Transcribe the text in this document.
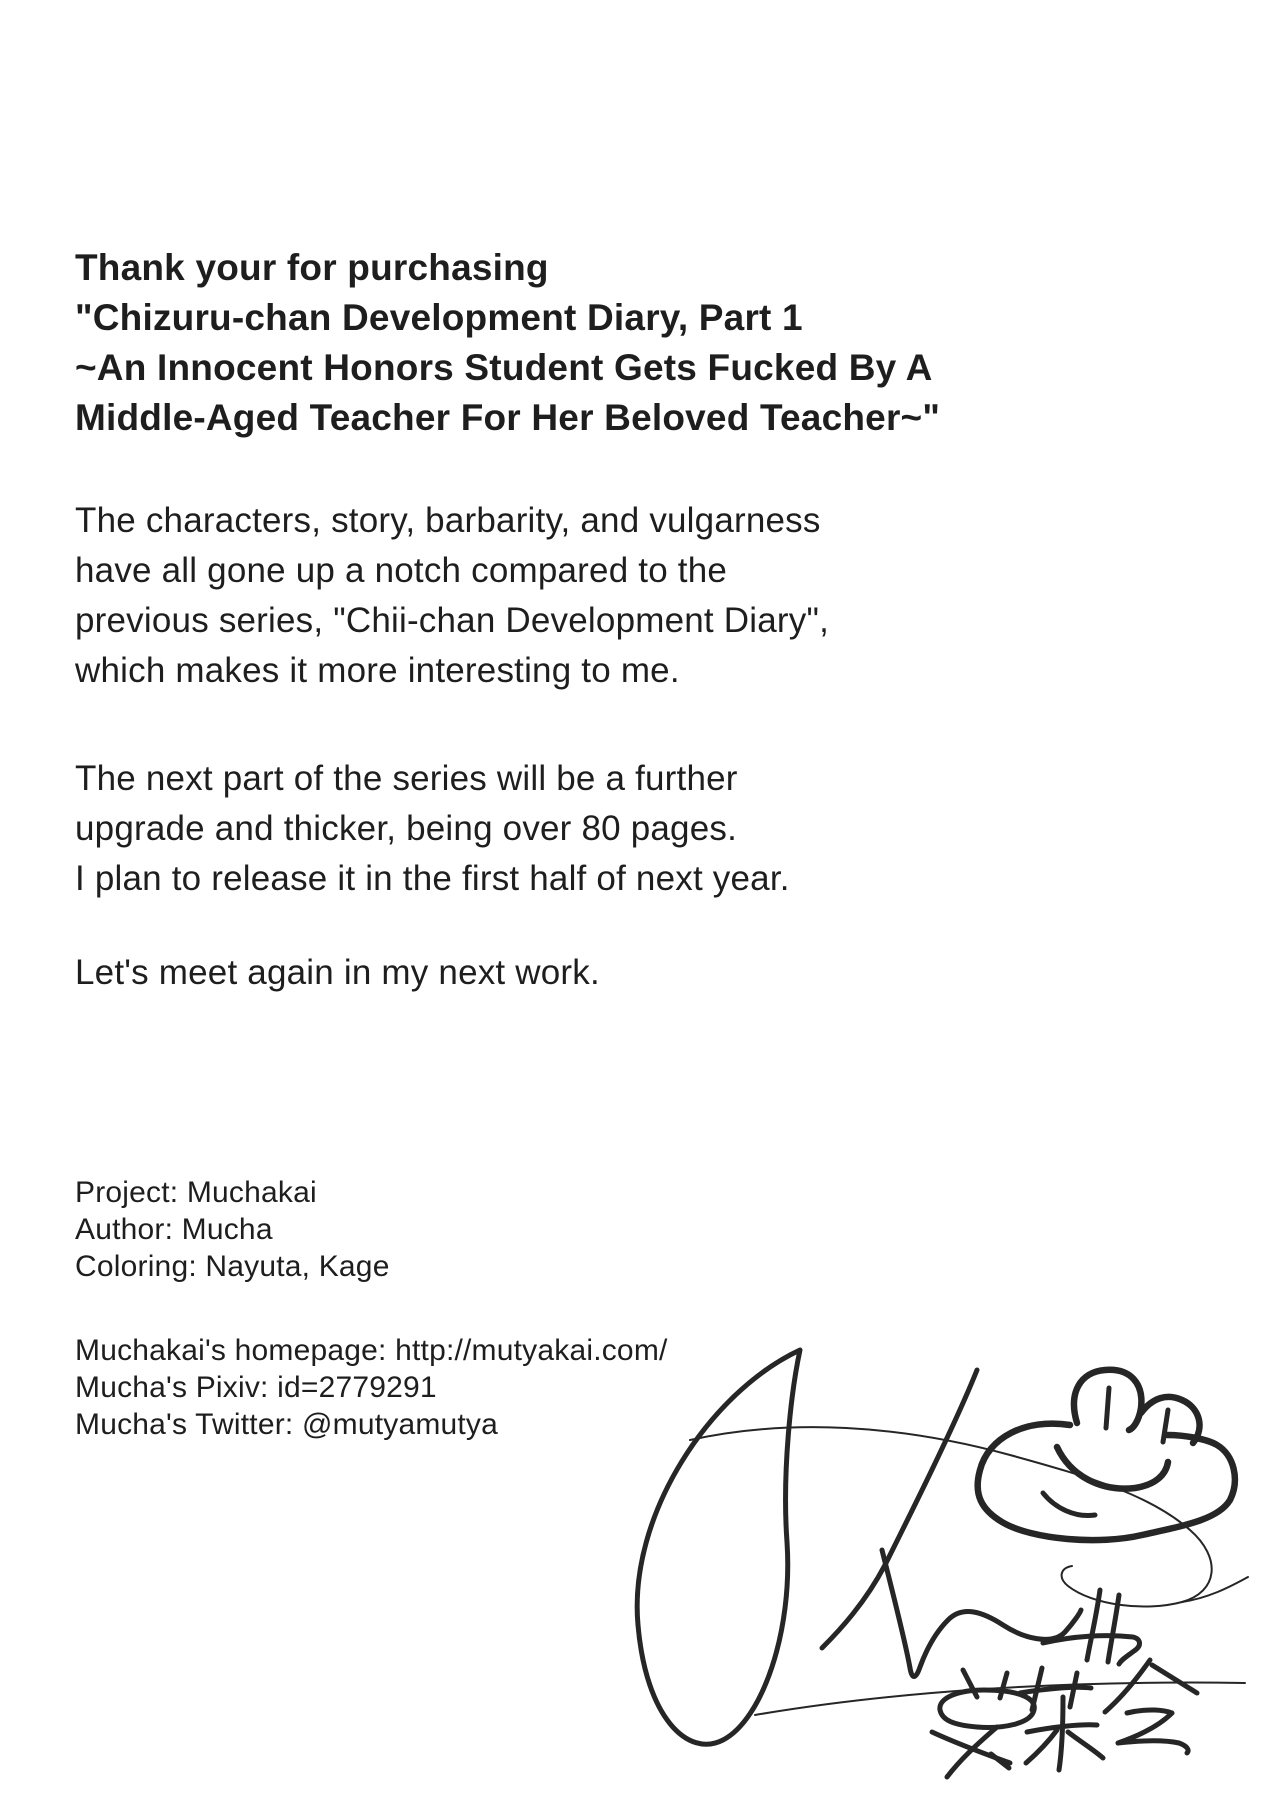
Thank your for purchasing
"Chizuru-chan Development Diary, Part 1
~An Innocent Honors Student Gets Fucked By A
Middle-Aged Teacher For Her Beloved Teacher~"
The characters, story, barbarity, and vulgarness
have all gone up a notch compared to the
previous series, "Chii-chan Development Diary",
which makes it more interesting to me.
The next part of the series will be a further
upgrade and thicker, being over 80 pages.
I plan to release it in the first half of next year.
Let's meet again in my next work.
Project: Muchakai
Author: Mucha
Coloring: Nayuta, Kage
Muchakai's homepage: http://mutyakai.com/
Mucha's Pixiv: id=2779291
Mucha's Twitter: @mutyamutya
